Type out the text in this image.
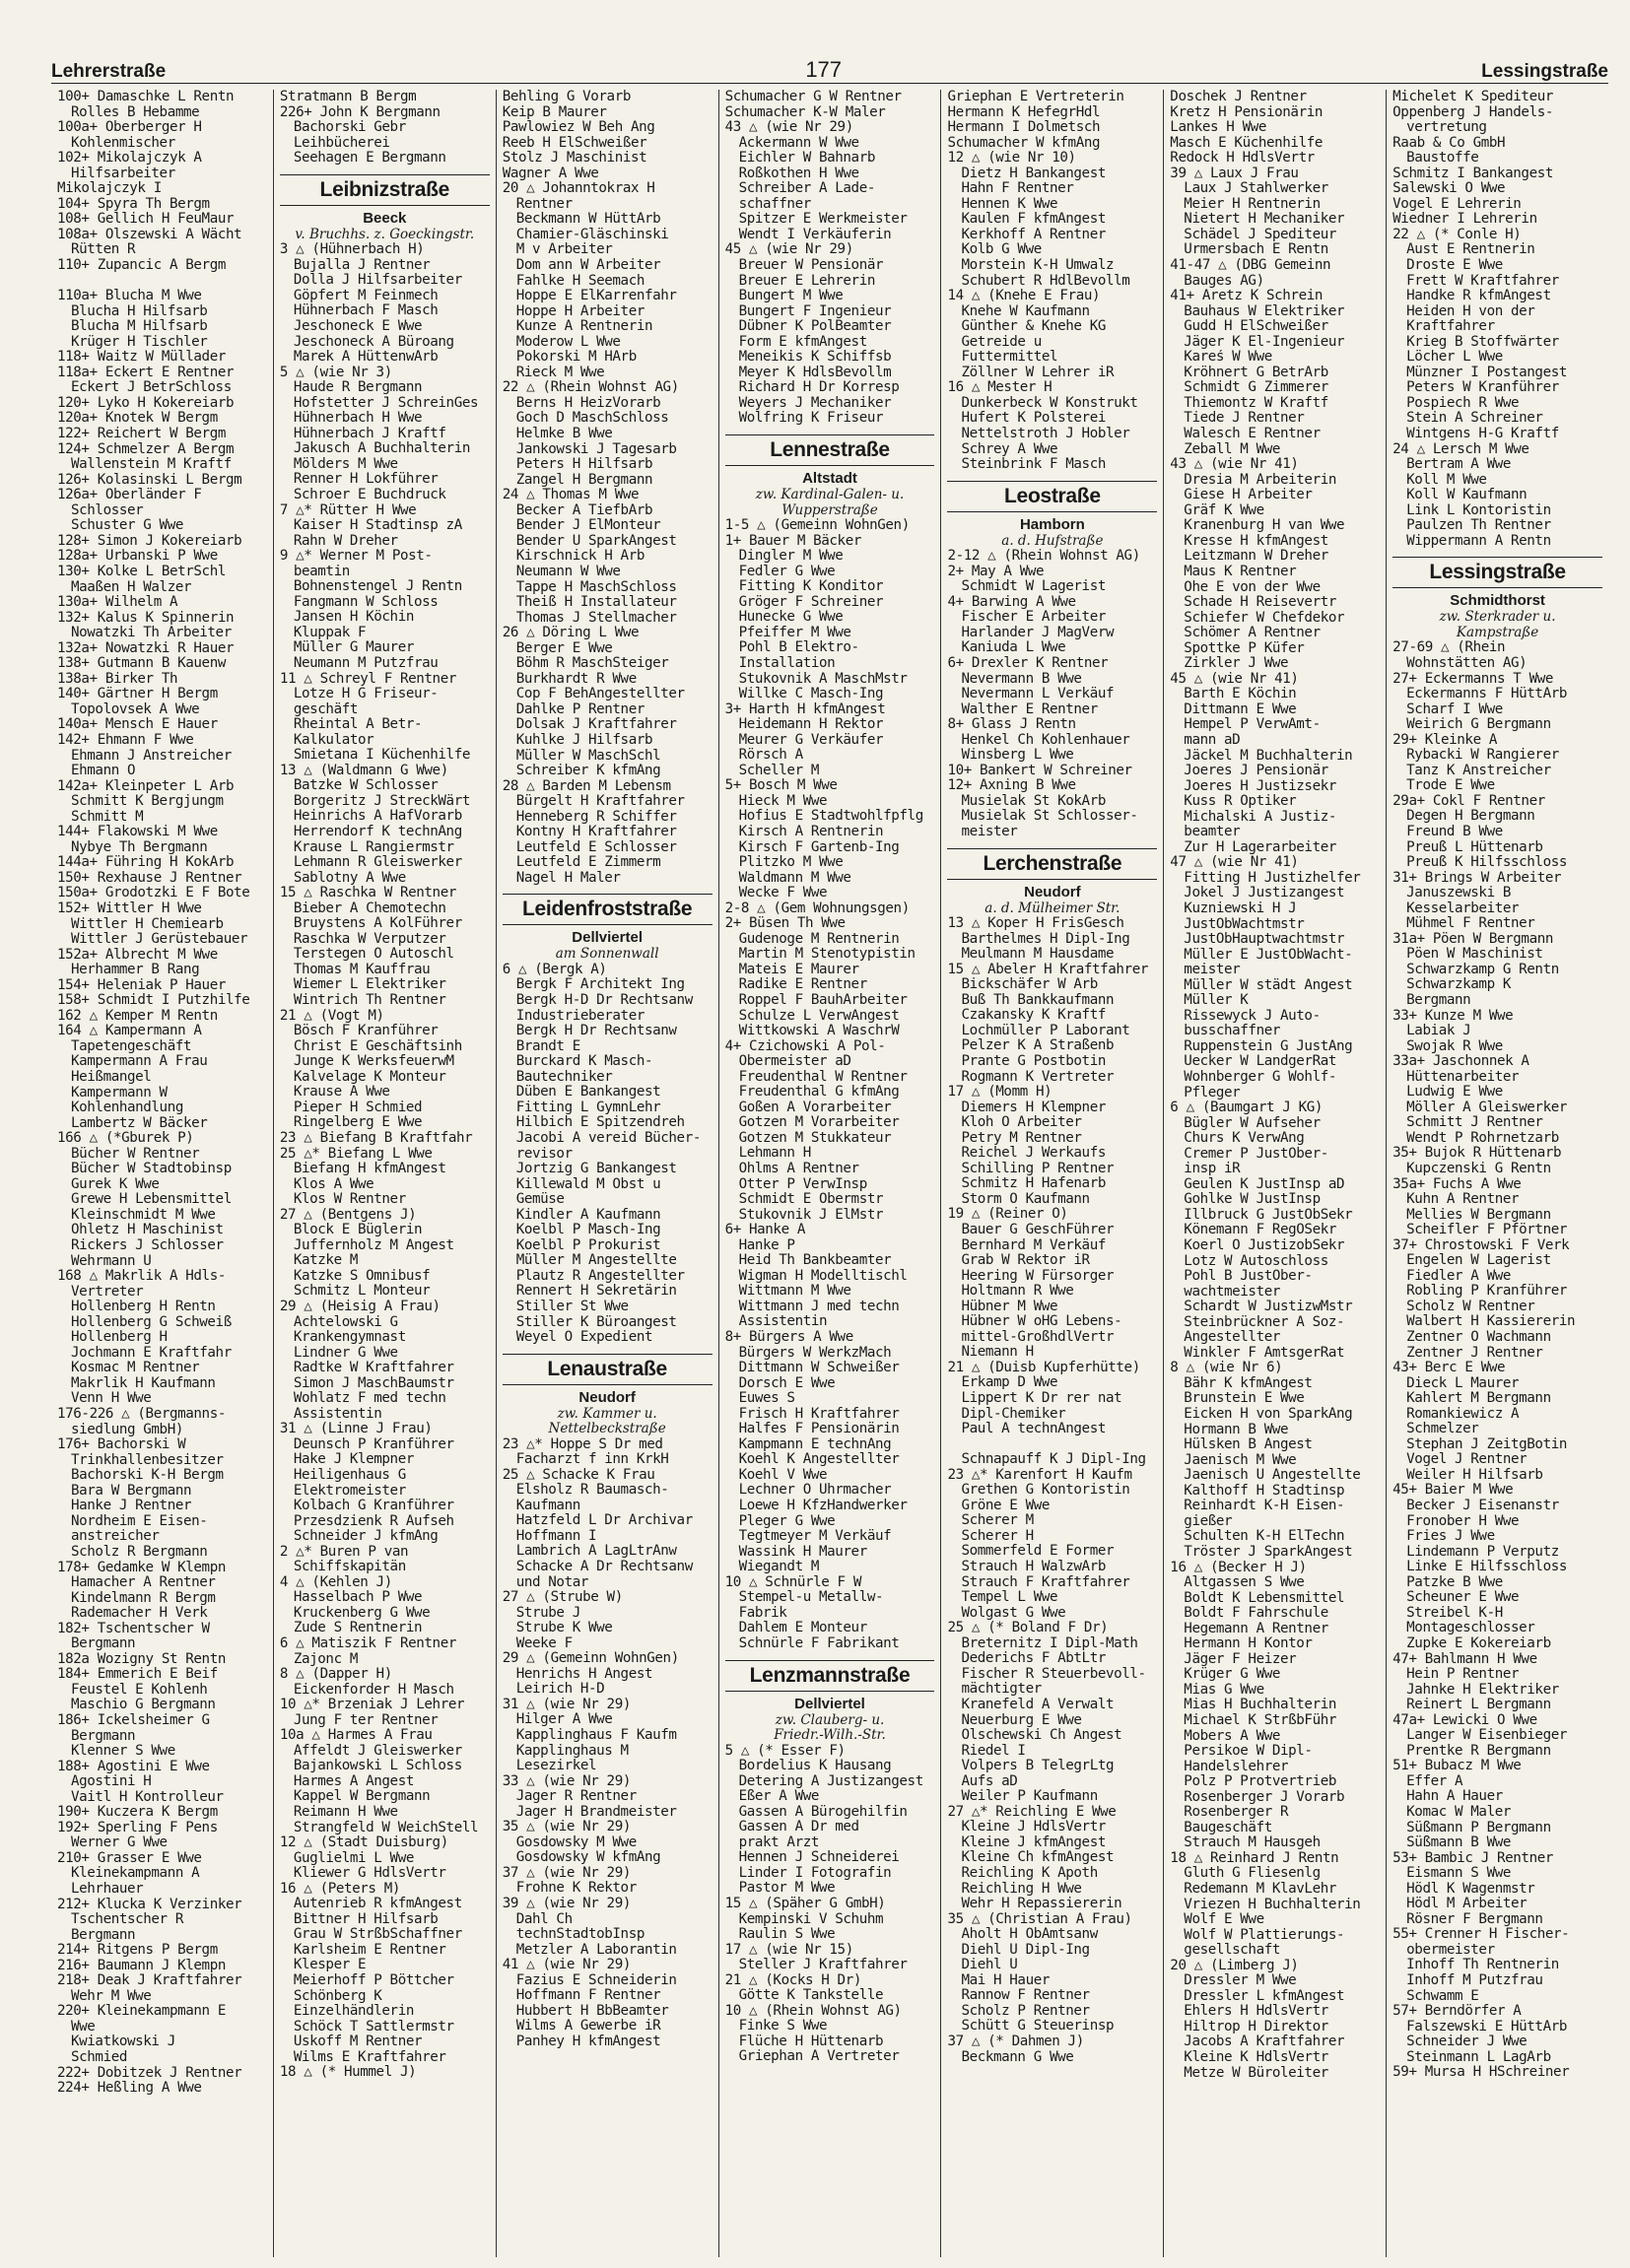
Lehrerstraße	177	Lessingstraße
100+ Damaschke L Rentn
Rolles B Hebamme
100a+ Oberberger H
Kohlenmischer
102+ Mikolajczyk A
Hilfsarbeiter
Mikolajczyk I
104+ Spyra Th Bergm
108+ Gellich H FeuMaur
108a+ Olszewski A Wächt
Rütten R
110+ Zupancic A Bergm

110a+ Blucha M Wwe
Blucha H Hilfsarb
Blucha M Hilfsarb
Krüger H Tischler
118+ Waitz W Müllader
118a+ Eckert E Rentner
Eckert J BetrSchloss
120+ Lyko H Kokereiarb
120a+ Knotek W Bergm
122+ Reichert W Bergm
124+ Schmelzer A Bergm
Wallenstein M Kraftf
126+ Kolasinski L Bergm
126a+ Oberländer F
Schlosser
Schuster G Wwe
128+ Simon J Kokereiarb
128a+ Urbanski P Wwe
130+ Kolke L BetrSchl
Maaßen H Walzer
130a+ Wilhelm A
132+ Kalus K Spinnerin
Nowatzki Th Arbeiter
132a+ Nowatzki R Hauer
138+ Gutmann B Kauenw
138a+ Birker Th
140+ Gärtner H Bergm
Topolovsek A Wwe
140a+ Mensch E Hauer
142+ Ehmann F Wwe
Ehmann J Anstreicher
Ehmann O
142a+ Kleinpeter L Arb
Schmitt K Bergjungm
Schmitt M
144+ Flakowski M Wwe
Nybye Th Bergmann
144a+ Führing H KokArb
150+ Rexhause J Rentner
150a+ Grodotzki E F Bote
152+ Wittler H Wwe
Wittler H Chemiearb
Wittler J Gerüstebauer
152a+ Albrecht M Wwe
Herhammer B Rang
154+ Heleniak P Hauer
158+ Schmidt I Putzhilfe
162 △ Kemper M Rentn
164 △ Kampermann A
Tapetengeschäft
Kampermann A Frau
Heißmangel
Kampermann W
Kohlenhandlung
Lambertz W Bäcker
166 △ (*Gburek P)
Bücher W Rentner
Bücher W Stadtobinsp
Gurek K Wwe
Grewe H Lebensmittel
Kleinschmidt M Wwe
Ohletz H Maschinist
Rickers J Schlosser
Wehrmann U
168 △ Makrlik A Hdls-
Vertreter
Hollenberg H Rentn
Hollenberg G Schweiß
Hollenberg H
Jochmann E Kraftfahr
Kosmac M Rentner
Makrlik H Kaufmann
Venn H Wwe
176-226 △ (Bergmanns-
siedlung GmbH)
176+ Bachorski W
Trinkhallenbesitzer
Bachorski K-H Bergm
Bara W Bergmann
Hanke J Rentner
Nordheim E Eisen-
anstreicher
Scholz R Bergmann
178+ Gedamke W Klempn
Hamacher A Rentner
Kindelmann R Bergm
Rademacher H Verk
182+ Tschentscher W
Bergmann
182a Wozigny St Rentn
184+ Emmerich E Beif
Feustel E Kohlenh
Maschio G Bergmann
186+ Ickelsheimer G
Bergmann
Klenner S Wwe
188+ Agostini E Wwe
Agostini H
Vaitl H Kontrolleur
190+ Kuczera K Bergm
192+ Sperling F Pens
Werner G Wwe
210+ Grasser E Wwe
Kleinekampmann A
Lehrhauer
212+ Klucka K Verzinker
Tschentscher R
Bergmann
214+ Ritgens P Bergm
216+ Baumann J Klempn
218+ Deak J Kraftfahrer
Wehr M Wwe
220+ Kleinekampmann E
Wwe
Kwiatkowski J
Schmied
222+ Dobitzek J Rentner
224+ Heßling A Wwe
Stratmann B Bergm
226+ John K Bergmann
Bachorski Gebr
Leihbücherei
Seehagen E Bergmann
Leibnizstraße
Beeck
v. Bruchhs. z. Goeckingstr.
3 △ (Hühnerbach H)
Bujalla J Rentner
Dolla J Hilfsarbeiter
Göpfert M Feinmech
Hühnerbach F Masch
Jeschoneck E Wwe
Jeschoneck A Büroang
Marek A HüttenwArb
5 △ (wie Nr 3)
Haude R Bergmann
Hofstetter J SchreinGes
Hühnerbach H Wwe
Hühnerbach J Kraftf
Jakusch A Buchhalterin
Mölders M Wwe
Renner H Lokführer
Schroer E Buchdruck
7 △* Rütter H Wwe
Kaiser H Stadtinsp zA
Rahn W Dreher
9 △* Werner M Post-
beamtin
Bohnenstengel J Rentn
Fangmann W Schloss
Jansen H Köchin
Kluppak F
Müller G Maurer
Neumann M Putzfrau
11 △ Schreyl F Rentner
Lotze H G Friseur-
geschäft
Rheintal A Betr-
Kalkulator
Smietana I Küchenhilfe
13 △ (Waldmann G Wwe)
Batzke W Schlosser
Borgeritz J StreckWärt
Heinrichs A HafVorarb
Herrendorf K technAng
Krause L Rangiermstr
Lehmann R Gleiswerker
Sablotny A Wwe
15 △ Raschka W Rentner
Bieber A Chemotechn
Bruystens A KolFührer
Raschka W Verputzer
Terstegen O Autoschl
Thomas M Kauffrau
Wiemer L Elektriker
Wintrich Th Rentner
21 △ (Vogt M)
Bösch F Kranführer
Christ E Geschäftsinh
Junge K WerksfeuerwM
Kalvelage K Monteur
Krause A Wwe
Pieper H Schmied
Ringelberg E Wwe
23 △ Biefang B Kraftfahr
25 △* Biefang L Wwe
Biefang H kfmAngest
Klos A Wwe
Klos W Rentner
27 △ (Bentgens J)
Block E Büglerin
Juffernholz M Angest
Katzke M
Katzke S Omnibusf
Schmitz L Monteur
29 △ (Heisig A Frau)
Achtelowski G
Krankengymnast
Lindner G Wwe
Radtke W Kraftfahrer
Simon J MaschBaumstr
Wohlatz F med techn
Assistentin
31 △ (Linne J Frau)
Deunsch P Kranführer
Hake J Klempner
Heiligenhaus G
Elektromeister
Kolbach G Kranführer
Przesdzienk R Aufseh
Schneider J kfmAng
2 △* Buren P van
Schiffskapitän
4 △ (Kehlen J)
Hasselbach P Wwe
Kruckenberg G Wwe
Zude S Rentnerin
6 △ Matiszik F Rentner
Zajonc M
8 △ (Dapper H)
Eickenforder H Masch
10 △* Brzeniak J Lehrer
Jung F ter Rentner
10a △ Harmes A Frau
Affeldt J Gleiswerker
Bajankowski L Schloss
Harmes A Angest
Kappel W Bergmann
Reimann H Wwe
Strangfeld W WeichStell
12 △ (Stadt Duisburg)
Guglielmi L Wwe
Kliewer G HdlsVertr
16 △ (Peters M)
Autenrieb R kfmAngest
Bittner H Hilfsarb
Grau W StrßbSchaffner
Karlsheim E Rentner
Klesper E
Meierhoff P Böttcher
Schönberg K
Einzelhändlerin
Schöck T Sattlermstr
Uskoff M Rentner
Wilms E Kraftfahrer
18 △ (* Hummel J)
Behling G Vorarb
Keip B Maurer
Pawlowiez W Beh Ang
Reeb H ElSchweißer
Stolz J Maschinist
Wagner A Wwe
20 △ Johanntokrax H
Rentner
Beckmann W HüttArb
Chamier-Gläschinski
M v Arbeiter
Dom ann W Arbeiter
Fahlke H Seemach
Hoppe E ElKarrenfahr
Hoppe H Arbeiter
Kunze A Rentnerin
Moderow L Wwe
Pokorski M HArb
Rieck M Wwe
22 △ (Rhein Wohnst AG)
Berns H HeizVorarb
Goch D MaschSchloss
Helmke B Wwe
Jankowski J Tagesarb
Peters H Hilfsarb
Zangel H Bergmann
24 △ Thomas M Wwe
Becker A TiefbArb
Bender J ElMonteur
Bender U SparkAngest
Kirschnick H Arb
Neumann W Wwe
Tappe H MaschSchloss
Theiß H Installateur
Thomas J Stellmacher
26 △ Döring L Wwe
Berger E Wwe
Böhm R MaschSteiger
Burkhardt R Wwe
Cop F BehAngestellter
Dahlke P Rentner
Dolsak J Kraftfahrer
Kuhlke J Hilfsarb
Müller W MaschSchl
Schreiber K kfmAng
28 △ Barden M Lebensm
Bürgelt H Kraftfahrer
Henneberg R Schiffer
Kontny H Kraftfahrer
Leutfeld E Schlosser
Leutfeld E Zimmerm
Nagel H Maler
Leidenfroststraße
Dellviertel
am Sonnenwall
6 △ (Bergk A)
Bergk F Architekt Ing
Bergk H-D Dr Rechtsanw
Industrieberater
Bergk H Dr Rechtsanw
Brandt E
Burckard K Masch-
Bautechniker
Düben E Bankangest
Fitting L GymnLehr
Hilbich E Spitzendreh
Jacobi A vereid Bücher-
revisor
Jortzig G Bankangest
Killewald M Obst u
Gemüse
Kindler A Kaufmann
Koelbl P Masch-Ing
Koelbl P Prokurist
Müller M Angestellte
Plautz R Angestellter
Rennert H Sekretärin
Stiller St Wwe
Stiller K Büroangest
Weyel O Expedient
Lenaustraße
Neudorf
zw. Kammer u.
Nettelbeckstraße
23 △* Hoppe S Dr med
Facharzt f inn KrkH
25 △ Schacke K Frau
Elsholz R Baumasch-
Kaufmann
Hatzfeld L Dr Archivar
Hoffmann I
Lambrich A LagLtrAnw
Schacke A Dr Rechtsanw
und Notar
27 △ (Strube W)
Strube J
Strube K Wwe
Weeke F
29 △ (Gemeinn WohnGen)
Henrichs H Angest
Leirich H-D
31 △ (wie Nr 29)
Hilger A Wwe
Kapplinghaus F Kaufm
Kapplinghaus M
Lesezirkel
33 △ (wie Nr 29)
Jager R Rentner
Jager H Brandmeister
35 △ (wie Nr 29)
Gosdowsky M Wwe
Gosdowsky W kfmAng
37 △ (wie Nr 29)
Frohne K Rektor
39 △ (wie Nr 29)
Dahl Ch
technStadtobInsp
Metzler A Laborantin
41 △ (wie Nr 29)
Fazius E Schneiderin
Hoffmann F Rentner
Hubbert H BbBeamter
Wilms A Gewerbe iR
Panhey H kfmAngest
Schumacher G W Rentner
Schumacher K-W Maler
43 △ (wie Nr 29)
Ackermann W Wwe
Eichler W Bahnarb
Roßkothen H Wwe
Schreiber A Lade-
schaffner
Spitzer E Werkmeister
Wendt I Verkäuferin
45 △ (wie Nr 29)
Breuer W Pensionär
Breuer E Lehrerin
Bungert M Wwe
Bungert F Ingenieur
Dübner K PolBeamter
Form E kfmAngest
Meneikis K Schiffsb
Meyer K HdlsBevollm
Richard H Dr Korresp
Weyers J Mechaniker
Wolfring K Friseur
Lennestraße
Altstadt
zw. Kardinal-Galen- u.
Wupperstraße
1-5 △ (Gemeinn WohnGen)
1+ Bauer M Bäcker
Dingler M Wwe
Fedler G Wwe
Fitting K Konditor
Gröger F Schreiner
Hunecke G Wwe
Pfeiffer M Wwe
Pohl B Elektro-
Installation
Stukovnik A MaschMstr
Willke C Masch-Ing
3+ Harth H kfmAngest
Heidemann H Rektor
Meurer G Verkäufer
Rörsch A
Scheller M
5+ Bosch M Wwe
Hieck M Wwe
Hofius E Stadtwohlfpflg
Kirsch A Rentnerin
Kirsch F Gartenb-Ing
Plitzko M Wwe
Waldmann M Wwe
Wecke F Wwe
2-8 △ (Gem Wohnungsgen)
2+ Büsen Th Wwe
Gudenoge M Rentnerin
Martin M Stenotypistin
Mateis E Maurer
Radike E Rentner
Roppel F BauhArbeiter
Schulze L VerwAngest
Wittkowski A WaschrW
4+ Czichowski A Pol-
Obermeister aD
Freudenthal W Rentner
Freudenthal G kfmAng
Goßen A Vorarbeiter
Gotzen M Vorarbeiter
Gotzen M Stukkateur
Lehmann H
Ohlms A Rentner
Otter P VerwInsp
Schmidt E Obermstr
Stukovnik J ElMstr
6+ Hanke A
Hanke P
Heid Th Bankbeamter
Wigman H Modelltischl
Wittmann M Wwe
Wittmann J med techn
Assistentin
8+ Bürgers A Wwe
Bürgers W WerkzMach
Dittmann W Schweißer
Dorsch E Wwe
Euwes S
Frisch H Kraftfahrer
Halfes F Pensionärin
Kampmann E technAng
Koehl K Angestellter
Koehl V Wwe
Lechner O Uhrmacher
Loewe H KfzHandwerker
Pleger G Wwe
Tegtmeyer M Verkäuf
Wassink H Maurer
Wiegandt M
10 △ Schnürle F W
Stempel-u Metallw-
Fabrik
Dahlem E Monteur
Schnürle F Fabrikant
Lenzmannstraße
Dellviertel
zw. Clauberg- u.
Friedr.-Wilh.-Str.
5 △ (* Esser F)
Bordelius K Hausang
Detering A Justizangest
Eßer A Wwe
Gassen A Bürogehilfin
Gassen A Dr med
prakt Arzt
Hennen J Schneiderei
Linder I Fotografin
Pastor M Wwe
15 △ (Späher G GmbH)
Kempinski V Schuhm
Raulin S Wwe
17 △ (wie Nr 15)
Steller J Kraftfahrer
21 △ (Kocks H Dr)
Götte K Tankstelle
10 △ (Rhein Wohnst AG)
Finke S Wwe
Flüche H Hüttenarb
Griephan A Vertreter
Griephan E Vertreterin
Hermann K HefegrHdl
Hermann I Dolmetsch
Schumacher W kfmAng
12 △ (wie Nr 10)
Dietz H Bankangest
Hahn F Rentner
Hennen K Wwe
Kaulen F kfmAngest
Kerkhoff A Rentner
Kolb G Wwe
Morstein K-H Umwalz
Schubert R HdlBevollm
14 △ (Knehe E Frau)
Knehe W Kaufmann
Günther & Knehe KG
Getreide u
Futtermittel
Zöllner W Lehrer iR
16 △ Mester H
Dunkerbeck W Konstrukt
Hufert K Polsterei
Nettelstroth J Hobler
Schrey A Wwe
Steinbrink F Masch
Leostraße
Hamborn
a. d. Hufstraße
2-12 △ (Rhein Wohnst AG)
2+ May A Wwe
Schmidt W Lagerist
4+ Barwing A Wwe
Fischer E Arbeiter
Harlander J MagVerw
Kaniuda L Wwe
6+ Drexler K Rentner
Nevermann B Wwe
Nevermann L Verkäuf
Walther E Rentner
8+ Glass J Rentn
Henkel Ch Kohlenhauer
Winsberg L Wwe
10+ Bankert W Schreiner
12+ Axning B Wwe
Musielak St KokArb
Musielak St Schlosser-
meister
Lerchenstraße
Neudorf
a. d. Mülheimer Str.
13 △ Koper H FrisGesch
Barthelmes H Dipl-Ing
Meulmann M Hausdame
15 △ Abeler H Kraftfahrer
Bickschäfer W Arb
Buß Th Bankkaufmann
Czakansky K Kraftf
Lochmüller P Laborant
Pelzer K A Straßenb
Prante G Postbotin
Rogmann K Vertreter
17 △ (Momm H)
Diemers H Klempner
Kloh O Arbeiter
Petry M Rentner
Reichel J Werkaufs
Schilling P Rentner
Schmitz H Hafenarb
Storm O Kaufmann
19 △ (Reiner O)
Bauer G GeschFührer
Bernhard M Verkäuf
Grab W Rektor iR
Heering W Fürsorger
Holtmann R Wwe
Hübner M Wwe
Hübner W oHG Lebens-
mittel-GroßhdlVertr
Niemann H
21 △ (Duisb Kupferhütte)
Erkamp D Wwe
Lippert K Dr rer nat
Dipl-Chemiker
Paul A technAngest

Schnapauff K J Dipl-Ing
23 △* Karenfort H Kaufm
Grethen G Kontoristin
Gröne E Wwe
Scherer M
Scherer H
Sommerfeld E Former
Strauch H WalzwArb
Strauch F Kraftfahrer
Tempel L Wwe
Wolgast G Wwe
25 △ (* Boland F Dr)
Breternitz I Dipl-Math
Dederichs F AbtLtr
Fischer R Steuerbevoll-
mächtigter
Kranefeld A Verwalt
Neuerburg E Wwe
Olschewski Ch Angest
Riedel I
Volpers B TelegrLtg
Aufs aD
Weiler P Kaufmann
27 △* Reichling E Wwe
Kleine J HdlsVertr
Kleine J kfmAngest
Kleine Ch kfmAngest
Reichling K Apoth
Reichling H Wwe
Wehr H Repassiererin
35 △ (Christian A Frau)
Aholt H ObAmtsanw
Diehl U Dipl-Ing
Diehl U
Mai H Hauer
Rannow F Rentner
Scholz P Rentner
Schütt G Steuerinsp
37 △ (* Dahmen J)
Beckmann G Wwe
Doschek J Rentner
Kretz H Pensionärin
Lankes H Wwe
Masch E Küchenhilfe
Redock H HdlsVertr
39 △ Laux J Frau
Laux J Stahlwerker
Meier H Rentnerin
Nietert H Mechaniker
Schädel J Spediteur
Urmersbach E Rentn
41-47 △ (DBG Gemeinn
Bauges AG)
41+ Aretz K Schrein
Bauhaus W Elektriker
Gudd H ElSchweißer
Jäger K El-Ingenieur
Kareś W Wwe
Kröhnert G BetrArb
Schmidt G Zimmerer
Thiemontz W Kraftf
Tiede J Rentner
Walesch E Rentner
Zeball M Wwe
43 △ (wie Nr 41)
Dresia M Arbeiterin
Giese H Arbeiter
Gräf K Wwe
Kranenburg H van Wwe
Kresse H kfmAngest
Leitzmann W Dreher
Maus K Rentner
Ohe E von der Wwe
Schade H Reisevertr
Schiefer W Chefdekor
Schömer A Rentner
Spottke P Küfer
Zirkler J Wwe
45 △ (wie Nr 41)
Barth E Köchin
Dittmann E Wwe
Hempel P VerwAmt-
mann aD
Jäckel M Buchhalterin
Joeres J Pensionär
Joeres H Justizsekr
Kuss R Optiker
Michalski A Justiz-
beamter
Zur H Lagerarbeiter
47 △ (wie Nr 41)
Fitting H Justizhelfer
Jokel J Justizangest
Kuzniewski H J
JustObWachtmstr
JustObHauptwachtmstr
Müller E JustObWacht-
meister
Müller W städt Angest
Müller K
Rissewyck J Auto-
busschaffner
Ruppenstein G JustAng
Uecker W LandgerRat
Wohnberger G Wohlf-
Pfleger
6 △ (Baumgart J KG)
Bügler W Aufseher
Churs K VerwAng
Cremer P JustOber-
insp iR
Geulen K JustInsp aD
Gohlke W JustInsp
Illbruck G JustObSekr
Könemann F RegOSekr
Koerl O JustizobSekr
Lotz W Autoschloss
Pohl B JustOber-
wachtmeister
Schardt W JustizwMstr
Steinbrückner A Soz-
Angestellter
Winkler F AmtsgerRat
8 △ (wie Nr 6)
Bähr K kfmAngest
Brunstein E Wwe
Eicken H von SparkAng
Hormann B Wwe
Hülsken B Angest
Jaenisch M Wwe
Jaenisch U Angestellte
Kalthoff H Stadtinsp
Reinhardt K-H Eisen-
gießer
Schulten K-H ElTechn
Tröster J SparkAngest
16 △ (Becker H J)
Altgassen S Wwe
Boldt K Lebensmittel
Boldt F Fahrschule
Hegemann A Rentner
Hermann H Kontor
Jäger F Heizer
Krüger G Wwe
Mias G Wwe
Mias H Buchhalterin
Michael K StrßbFühr
Mobers A Wwe
Persikoe W Dipl-
Handelslehrer
Polz P Protvertrieb
Rosenberger J Vorarb
Rosenberger R
Baugeschäft
Strauch M Hausgeh
18 △ Reinhard J Rentn
Gluth G Fliesenlg
Redemann M KlavLehr
Vriezen H Buchhalterin
Wolf E Wwe
Wolf W Plattierungs-
gesellschaft
20 △ (Limberg J)
Dressler M Wwe
Dressler L kfmAngest
Ehlers H HdlsVertr
Hiltrop H Direktor
Jacobs A Kraftfahrer
Kleine K HdlsVertr
Metze W Büroleiter
Michelet K Spediteur
Oppenberg J Handels-
vertretung
Raab & Co GmbH
Baustoffe
Schmitz I Bankangest
Salewski O Wwe
Vogel E Lehrerin
Wiedner I Lehrerin
22 △ (* Conle H)
Aust E Rentnerin
Droste E Wwe
Frett W Kraftfahrer
Handke R kfmAngest
Heiden H von der
Kraftfahrer
Krieg B Stoffwärter
Löcher L Wwe
Münzner I Postangest
Peters W Kranführer
Pospiech R Wwe
Stein A Schreiner
Wintgens H-G Kraftf
24 △ Lersch M Wwe
Bertram A Wwe
Koll M Wwe
Koll W Kaufmann
Link L Kontoristin
Paulzen Th Rentner
Wippermann A Rentn
Lessingstraße
Schmidthorst
zw. Sterkrader u.
Kampstraße
27-69 △ (Rhein
Wohnstätten AG)
27+ Eckermanns T Wwe
Eckermanns F HüttArb
Scharf I Wwe
Weirich G Bergmann
29+ Kleinke A
Rybacki W Rangierer
Tanz K Anstreicher
Trode E Wwe
29a+ Cokl F Rentner
Degen H Bergmann
Freund B Wwe
Preuß L Hüttenarb
Preuß K Hilfsschloss
31+ Brings W Arbeiter
Januszewski B
Kesselarbeiter
Mühmel F Rentner
31a+ Pöen W Bergmann
Pöen W Maschinist
Schwarzkamp G Rentn
Schwarzkamp K
Bergmann
33+ Kunze M Wwe
Labiak J
Swojak R Wwe
33a+ Jaschonnek A
Hüttenarbeiter
Ludwig E Wwe
Möller A Gleiswerker
Schmitt J Rentner
Wendt P Rohrnetzarb
35+ Bujok R Hüttenarb
Kupczenski G Rentn
35a+ Fuchs A Wwe
Kuhn A Rentner
Mellies W Bergmann
Scheifler F Pförtner
37+ Chrostowski F Verk
Engelen W Lagerist
Fiedler A Wwe
Robling P Kranführer
Scholz W Rentner
Walbert H Kassiererin
Zentner O Wachmann
Zentner J Rentner
43+ Berc E Wwe
Dieck L Maurer
Kahlert M Bergmann
Romankiewicz A
Schmelzer
Stephan J ZeitgBotin
Vogel J Rentner
Weiler H Hilfsarb
45+ Baier M Wwe
Becker J Eisenanstr
Fronober H Wwe
Fries J Wwe
Lindemann P Verputz
Linke E Hilfsschloss
Patzke B Wwe
Scheuner E Wwe
Streibel K-H
Montageschlosser
Zupke E Kokereiarb
47+ Bahlmann H Wwe
Hein P Rentner
Jahnke H Elektriker
Reinert L Bergmann
47a+ Lewicki O Wwe
Langer W Eisenbieger
Prentke R Bergmann
51+ Bubacz M Wwe
Effer A
Hahn A Hauer
Komac W Maler
Süßmann P Bergmann
Süßmann B Wwe
53+ Bambic J Rentner
Eismann S Wwe
Hödl K Wagenmstr
Hödl M Arbeiter
Rösner F Bergmann
55+ Crenner H Fischer-
obermeister
Inhoff Th Rentnerin
Inhoff M Putzfrau
Schwamm E
57+ Berndörfer A
Falszewski E HüttArb
Schneider J Wwe
Steinmann L LagArb
59+ Mursa H HSchreiner
